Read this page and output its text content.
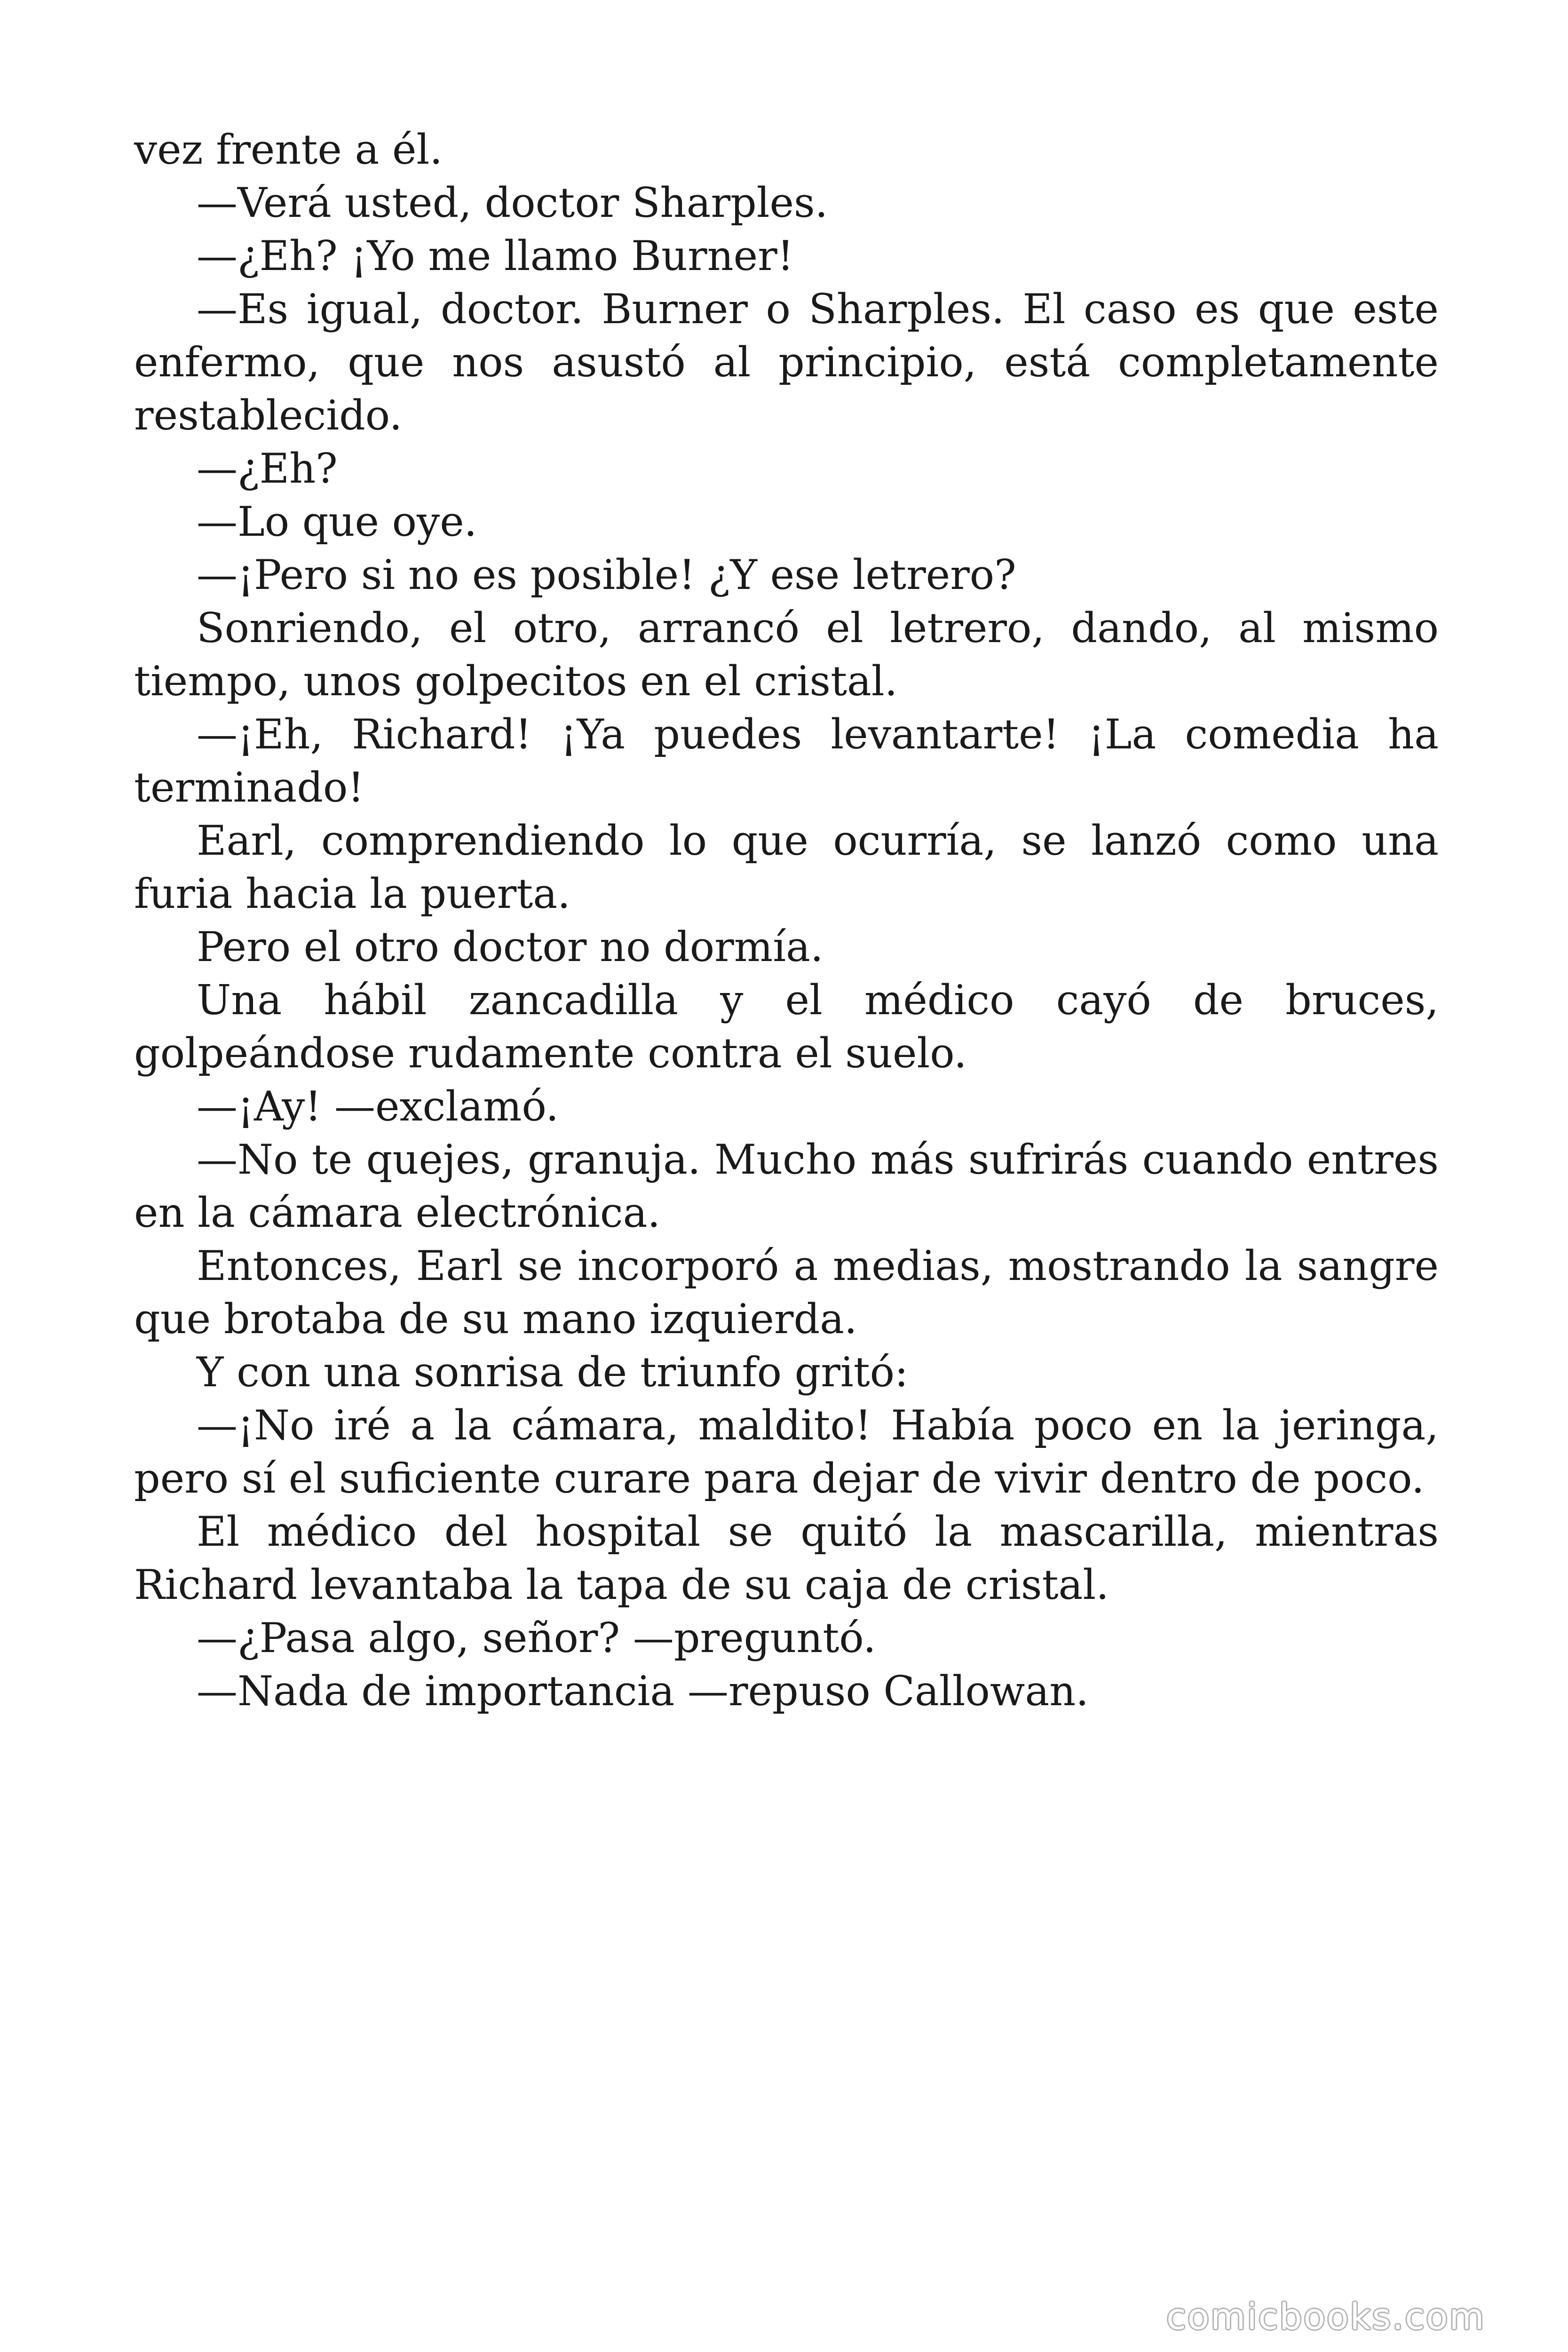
vez frente a él.

—Verá usted, doctor Sharples.

—¿Eh? ¡Yo me llamo Burner!

—Es igual, doctor. Burner o Sharples. El caso es que este enfermo, que nos asustó al principio, está completamente restablecido.

—¿Eh?

—Lo que oye.

—¡Pero si no es posible! ¿Y ese letrero?

Sonriendo, el otro, arrancó el letrero, dando, al mismo tiempo, unos golpecitos en el cristal.

—¡Eh, Richard! ¡Ya puedes levantarte! ¡La comedia ha terminado!

Earl, comprendiendo lo que ocurría, se lanzó como una furia hacia la puerta.

Pero el otro doctor no dormía.

Una hábil zancadilla y el médico cayó de bruces, golpeándose rudamente contra el suelo.

—¡Ay! —exclamó.

—No te quejes, granuja. Mucho más sufrirás cuando entres en la cámara electrónica.

Entonces, Earl se incorporó a medias, mostrando la sangre que brotaba de su mano izquierda.

Y con una sonrisa de triunfo gritó:

—¡No iré a la cámara, maldito! Había poco en la jeringa, pero sí el suficiente curare para dejar de vivir dentro de poco.

El médico del hospital se quitó la mascarilla, mientras Richard levantaba la tapa de su caja de cristal.

—¿Pasa algo, señor? —preguntó.

—Nada de importancia —repuso Callowan.

comicbooks.com
